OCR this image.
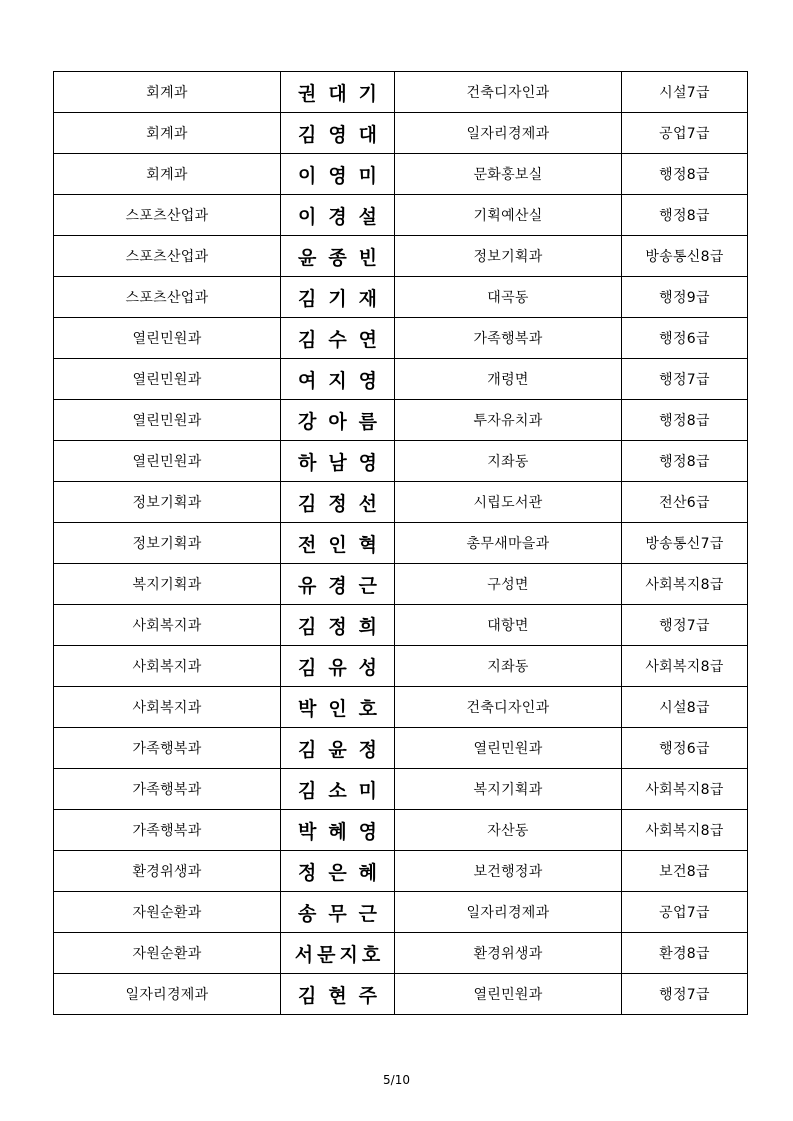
회계과	권대기	건축디자인과	시설7급
회계과	김영대	일자리경제과	공업7급
회계과	이영미	문화홍보실	행정8급
스포츠산업과	이경설	기획예산실	행정8급
스포츠산업과	윤종빈	정보기획과	방송통신8급
스포츠산업과	김기재	대곡동	행정9급
열린민원과	김수연	가족행복과	행정6급
열린민원과	여지영	개령면	행정7급
열린민원과	강아름	투자유치과	행정8급
열린민원과	하남영	지좌동	행정8급
정보기획과	김정선	시립도서관	전산6급
정보기획과	전인혁	총무새마을과	방송통신7급
복지기획과	유경근	구성면	사회복지8급
사회복지과	김정희	대항면	행정7급
사회복지과	김유성	지좌동	사회복지8급
사회복지과	박인호	건축디자인과	시설8급
가족행복과	김윤정	열린민원과	행정6급
가족행복과	김소미	복지기획과	사회복지8급
가족행복과	박혜영	자산동	사회복지8급
환경위생과	정은혜	보건행정과	보건8급
자원순환과	송무근	일자리경제과	공업7급
자원순환과	서문지호	환경위생과	환경8급
일자리경제과	김현주	열린민원과	행정7급
5/10
